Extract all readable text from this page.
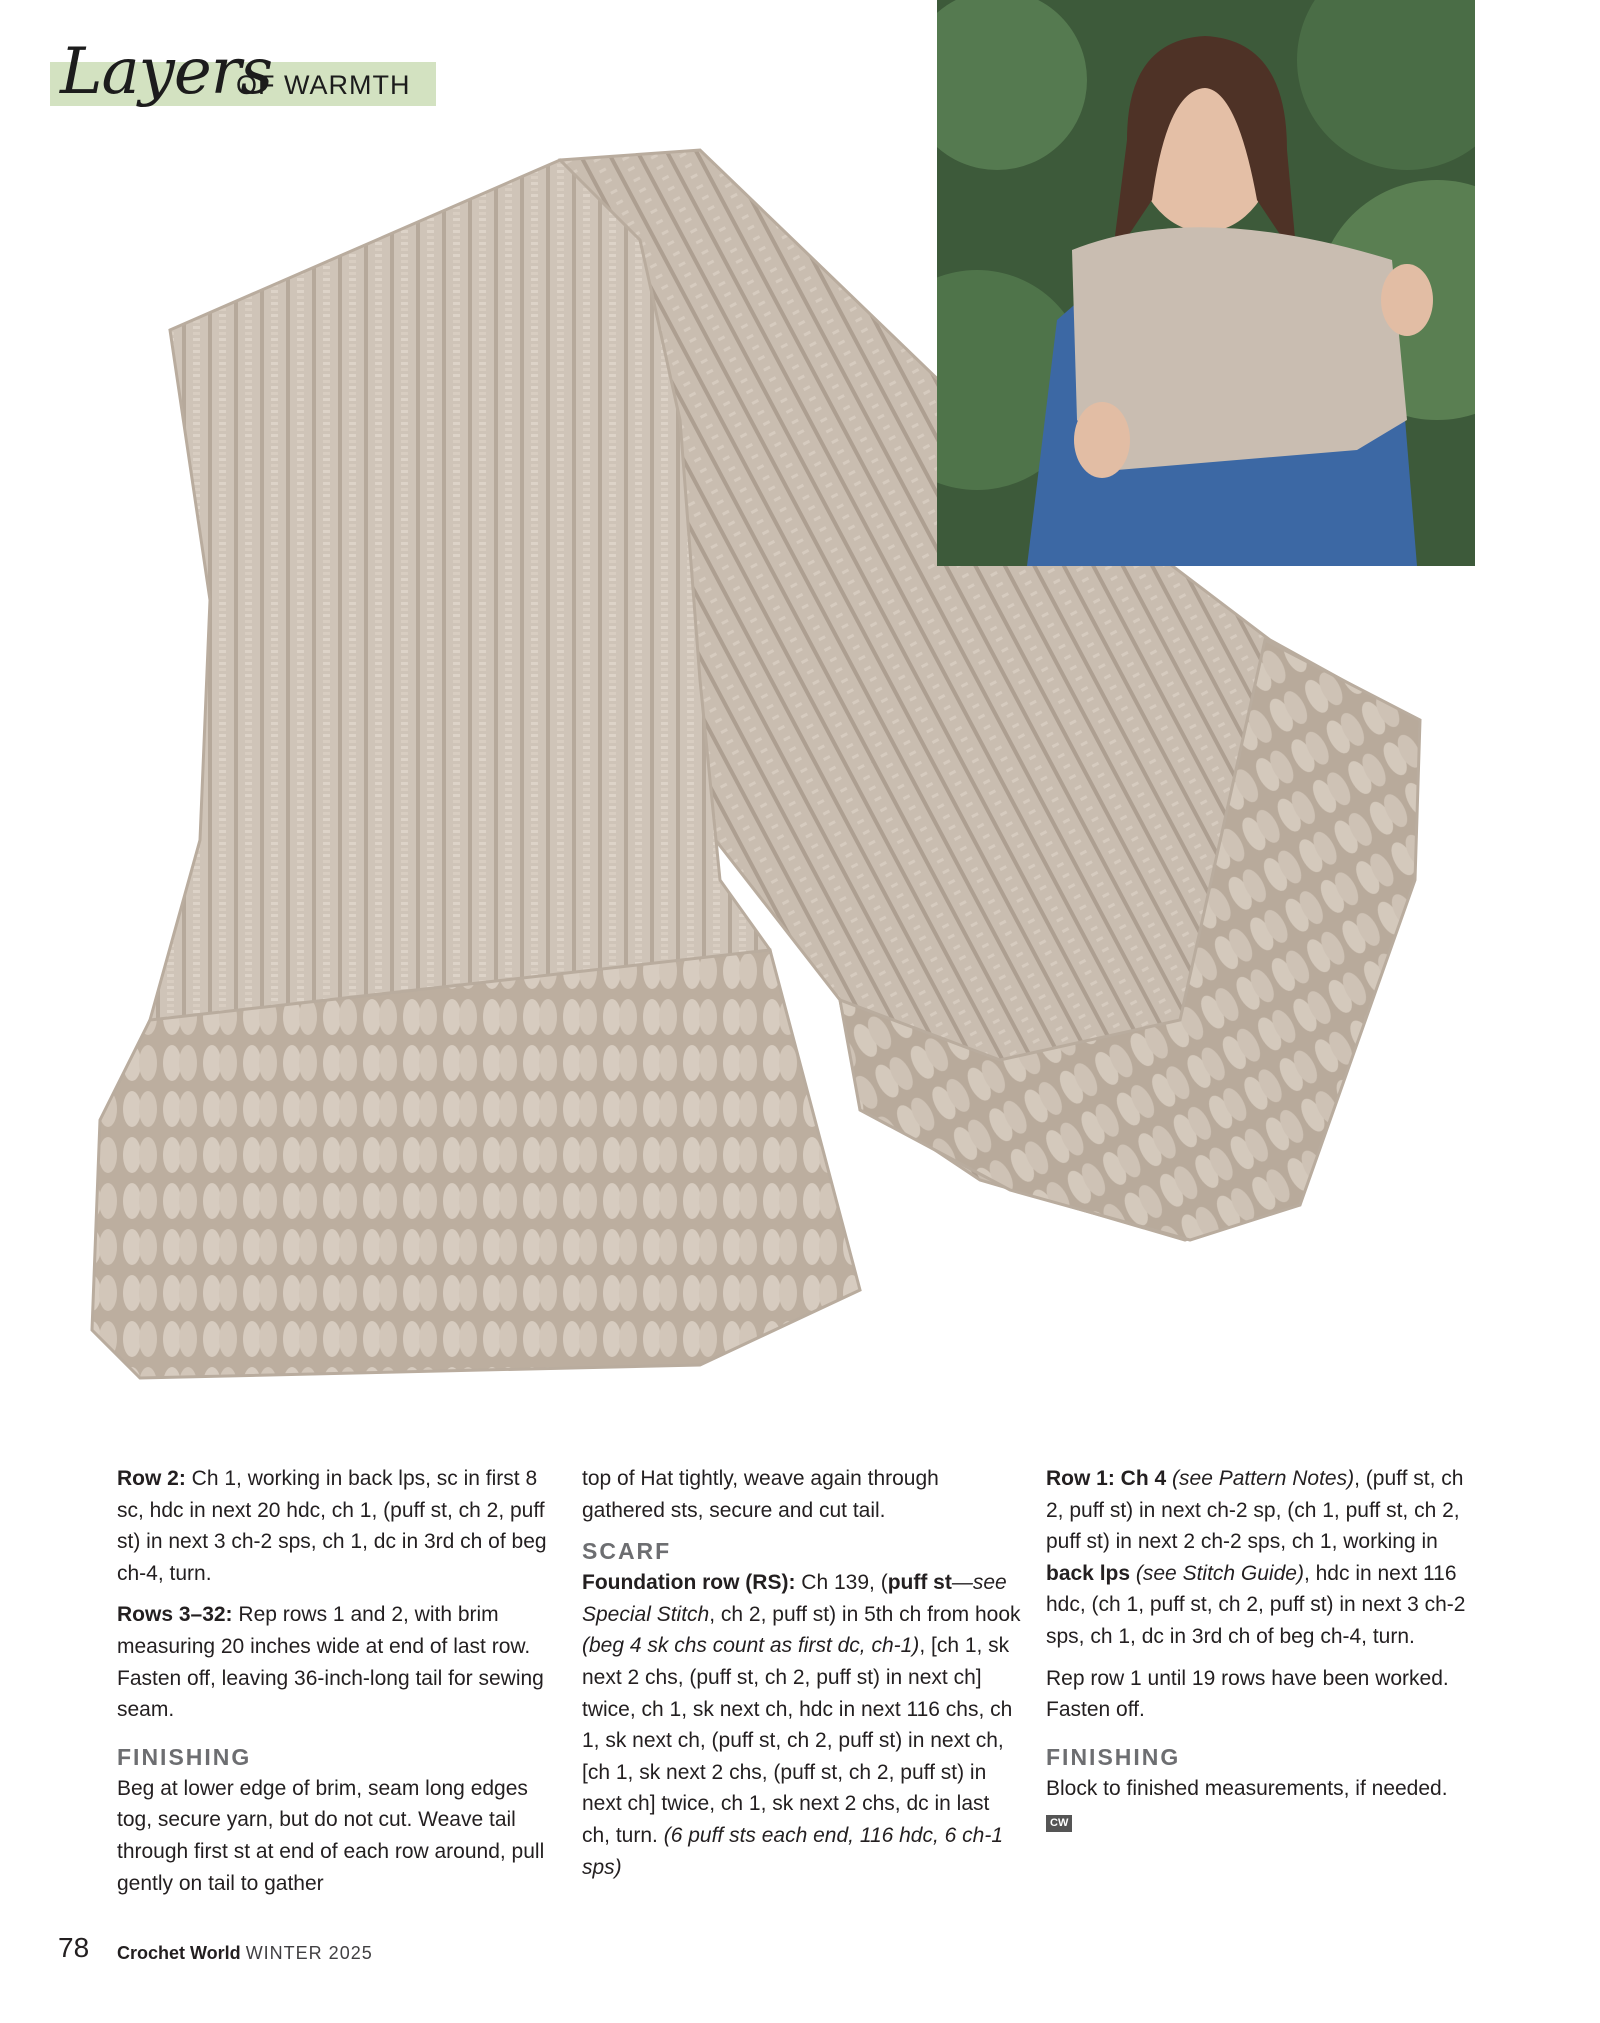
Layers
OF WARMTH

Row 2: Ch 1, working in back lps, sc in first 8 sc, hdc in next 20 hdc, ch 1, (puff st, ch 2, puff st) in next 3 ch-2 sps, ch 1, dc in 3rd ch of beg ch-4, turn.

Rows 3–32: Rep rows 1 and 2, with brim measuring 20 inches wide at end of last row. Fasten off, leaving 36-inch-long tail for sewing seam.

FINISHING

Beg at lower edge of brim, seam long edges tog, secure yarn, but do not cut. Weave tail through first st at end of each row around, pull gently on tail to gather

top of Hat tightly, weave again through gathered sts, secure and cut tail.

SCARF

Foundation row (RS): Ch 139, (puff st—see Special Stitch, ch 2, puff st) in 5th ch from hook (beg 4 sk chs count as first dc, ch-1), [ch 1, sk next 2 chs, (puff st, ch 2, puff st) in next ch] twice, ch 1, sk next ch, hdc in next 116 chs, ch 1, sk next ch, (puff st, ch 2, puff st) in next ch, [ch 1, sk next 2 chs, (puff st, ch 2, puff st) in next ch] twice, ch 1, sk next 2 chs, dc in last ch, turn. (6 puff sts each end, 116 hdc, 6 ch-1 sps)

Row 1: Ch 4 (see Pattern Notes), (puff st, ch 2, puff st) in next ch-2 sp, (ch 1, puff st, ch 2, puff st) in next 2 ch-2 sps, ch 1, working in back lps (see Stitch Guide), hdc in next 116 hdc, (ch 1, puff st, ch 2, puff st) in next 3 ch-2 sps, ch 1, dc in 3rd ch of beg ch-4, turn.

Rep row 1 until 19 rows have been worked. Fasten off.

FINISHING

Block to finished measurements, if needed.

CW
78 Crochet World WINTER 2025
